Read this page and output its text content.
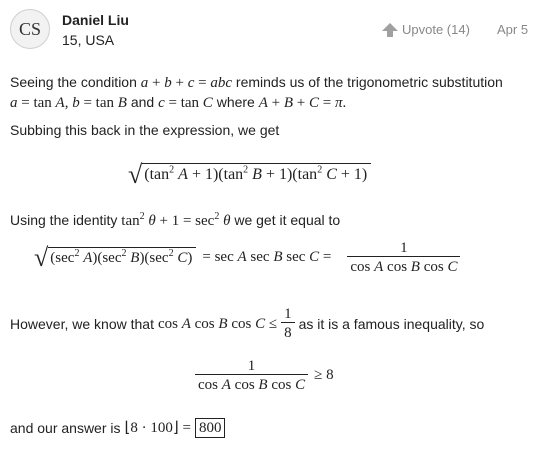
CS Daniel Liu
15, USA
Upvote (14) Apr 5
Seeing the condition a + b + c = abc reminds us of the trigonometric substitution
a = tan A, b = tan B and c = tan C where A + B + C = π.
Subbing this back in the expression, we get
√ ($\tan^2$ $A + 1)(\tan^2$ $B + 1)(\tan^2$ C + 1)
Using the identity $\tan^2 \theta + 1 = \sec^2 \theta$ we get it equal to
√ ($\sec^2$ $A)(\sec^2$ $B)(\sec^2$ C) = sec A sec B $\sec C = \frac{1}{\text{cos A cos B cos C}}$
However, we know that cos A cos B $\cos C \le \frac{1}{8}$ as it is a famous inequality, so
$\frac{1}{\text{cos A cos B cos C}} \ge 8$
and our answer is ⌊8 · 100⌋ = 800
